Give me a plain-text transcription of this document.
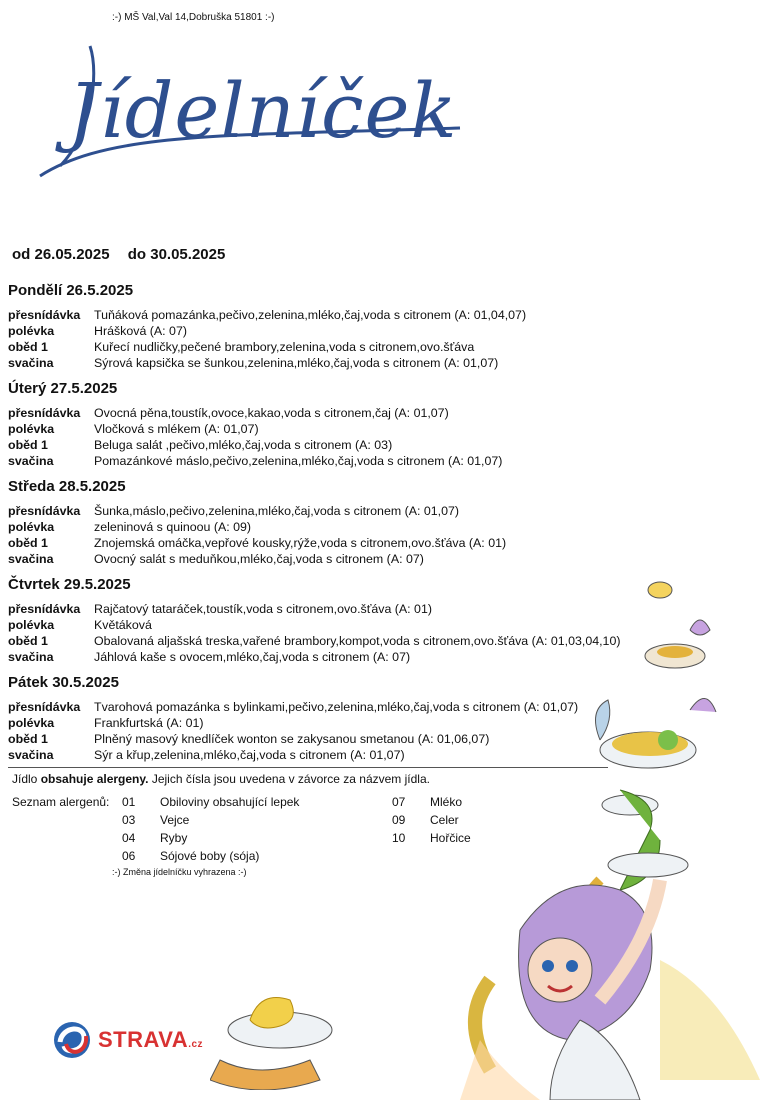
:-) MŠ Val,Val 14,Dobruška 51801 :-)
Jídelníček
od 26.05.2025 do 30.05.2025
Pondělí 26.5.2025
přesnídávka	Tuňáková pomazánka,pečivo,zelenina,mléko,čaj,voda s citronem (A: 01,04,07)
polévka	Hrášková (A: 07)
oběd 1	Kuřecí nudličky,pečené brambory,zelenina,voda s citronem,ovo.šťáva
svačina	Sýrová kapsička se šunkou,zelenina,mléko,čaj,voda s citronem (A: 01,07)
Úterý 27.5.2025
přesnídávka	Ovocná pěna,toustík,ovoce,kakao,voda s citronem,čaj (A: 01,07)
polévka	Vločková s mlékem (A: 01,07)
oběd 1	Beluga salát ,pečivo,mléko,čaj,voda s citronem (A: 03)
svačina	Pomazánkové máslo,pečivo,zelenina,mléko,čaj,voda s citronem (A: 01,07)
Středa 28.5.2025
přesnídávka	Šunka,máslo,pečivo,zelenina,mléko,čaj,voda s citronem (A: 01,07)
polévka	zeleninová s quinoou (A: 09)
oběd 1	Znojemská omáčka,vepřové kousky,rýže,voda s citronem,ovo.šťáva (A: 01)
svačina	Ovocný salát s meduňkou,mléko,čaj,voda s citronem (A: 07)
Čtvrtek 29.5.2025
přesnídávka	Rajčatový tataráček,toustík,voda s citronem,ovo.šťáva (A: 01)
polévka	Květáková
oběd 1	Obalovaná aljašská treska,vařené brambory,kompot,voda s citronem,ovo.šťáva (A: 01,03,04,10)
svačina	Jáhlová kaše s ovocem,mléko,čaj,voda s citronem (A: 07)
Pátek 30.5.2025
přesnídávka	Tvarohová pomazánka s bylinkami,pečivo,zelenina,mléko,čaj,voda s citronem (A: 01,07)
polévka	Frankfurtská (A: 01)
oběd 1	Plněný masový knedlíček wonton se zakysanou smetanou (A: 01,06,07)
svačina	Sýr a křup,zelenina,mléko,čaj,voda s citronem (A: 01,07)
Jídlo obsahuje alergeny. Jejich čísla jsou uvedena v závorce za názvem jídla.
Seznam alergenů: 01 Obiloviny obsahující lepek
03 Vejce
04 Ryby
06 Sójové boby (sója)
07 Mléko
09 Celer
10 Hořčice
:-) Změna jídelníčku vyhrazena :-)
STRAVA.cz
